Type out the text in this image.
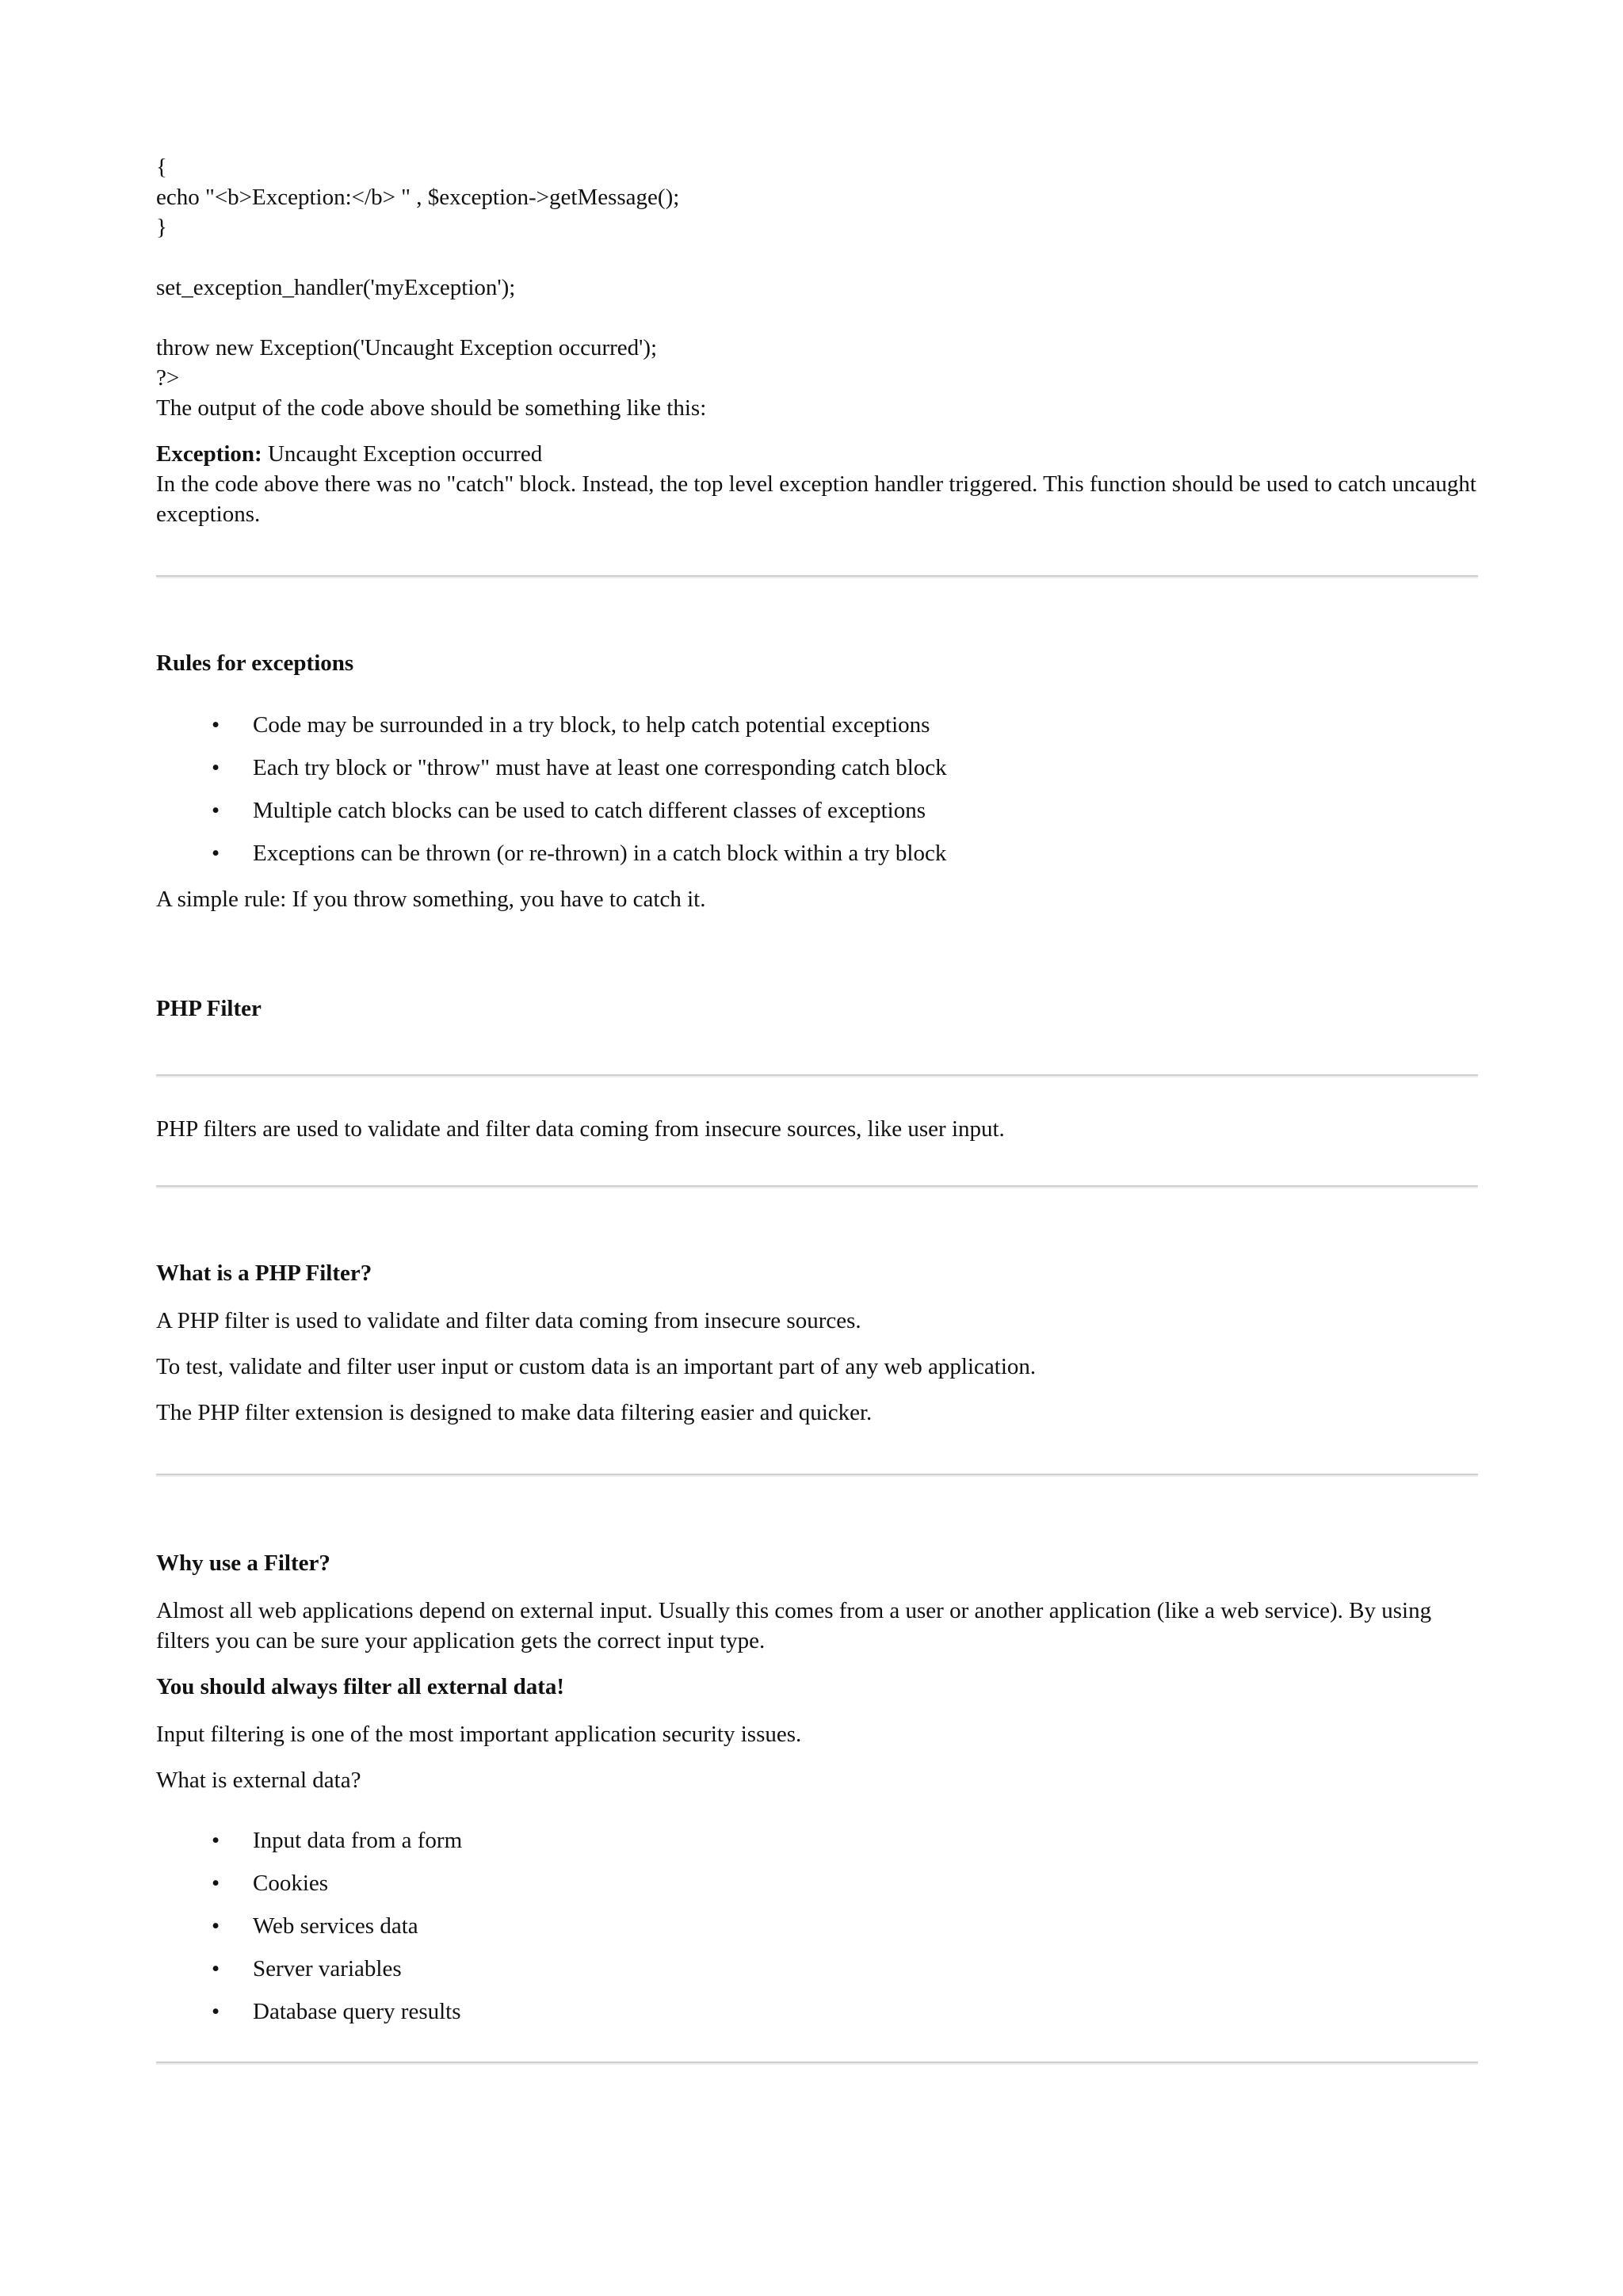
{
echo "<b>Exception:</b> " , $exception->getMessage();
}
set_exception_handler('myException');
throw new Exception('Uncaught Exception occurred');
?>

The output of the code above should be something like this:

Exception: Uncaught Exception occurred

In the code above there was no "catch" block. Instead, the top level exception handler triggered. This function should be used to catch uncaught exceptions.

Rules for exceptions

• Code may be surrounded in a try block, to help catch potential exceptions
• Each try block or "throw" must have at least one corresponding catch block
• Multiple catch blocks can be used to catch different classes of exceptions
• Exceptions can be thrown (or re-thrown) in a catch block within a try block

A simple rule: If you throw something, you have to catch it.

PHP Filter

PHP filters are used to validate and filter data coming from insecure sources, like user input.

What is a PHP Filter?

A PHP filter is used to validate and filter data coming from insecure sources.

To test, validate and filter user input or custom data is an important part of any web application.

The PHP filter extension is designed to make data filtering easier and quicker.

Why use a Filter?

Almost all web applications depend on external input. Usually this comes from a user or another application (like a web service). By using filters you can be sure your application gets the correct input type.

You should always filter all external data!

Input filtering is one of the most important application security issues.

What is external data?

• Input data from a form
• Cookies
• Web services data
• Server variables
• Database query results
